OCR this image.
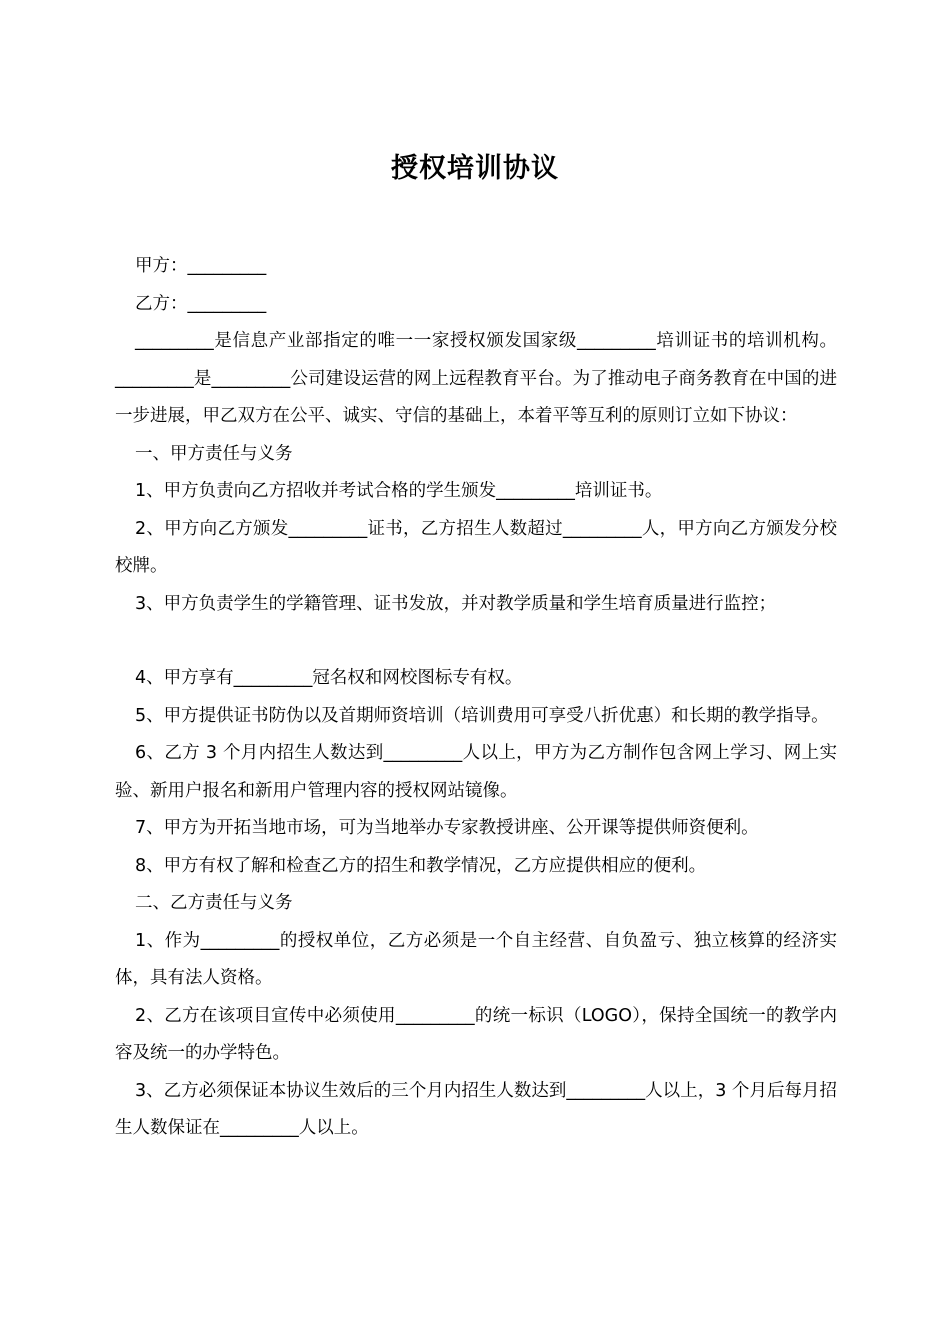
授权培训协议

甲方：_________

乙方：_________

_________是信息产业部指定的唯一一家授权颁发国家级_________培训证书的培训机构。_________是_________公司建设运营的网上远程教育平台。为了推动电子商务教育在中国的进一步进展，甲乙双方在公平、诚实、守信的基础上，本着平等互利的原则订立如下协议：

一、甲方责任与义务

1、甲方负责向乙方招收并考试合格的学生颁发_________培训证书。

2、甲方向乙方颁发_________证书，乙方招生人数超过_________人，甲方向乙方颁发分校校牌。

3、甲方负责学生的学籍管理、证书发放，并对教学质量和学生培育质量进行监控；

4、甲方享有_________冠名权和网校图标专有权。

5、甲方提供证书防伪以及首期师资培训（培训费用可享受八折优惠）和长期的教学指导。

6、乙方 3 个月内招生人数达到_________人以上，甲方为乙方制作包含网上学习、网上实验、新用户报名和新用户管理内容的授权网站镜像。

7、甲方为开拓当地市场，可为当地举办专家教授讲座、公开课等提供师资便利。

8、甲方有权了解和检查乙方的招生和教学情况，乙方应提供相应的便利。

二、乙方责任与义务

1、作为_________的授权单位，乙方必须是一个自主经营、自负盈亏、独立核算的经济实体，具有法人资格。

2、乙方在该项目宣传中必须使用_________的统一标识（LOGO），保持全国统一的教学内容及统一的办学特色。

3、乙方必须保证本协议生效后的三个月内招生人数达到_________人以上，3 个月后每月招生人数保证在_________人以上。
